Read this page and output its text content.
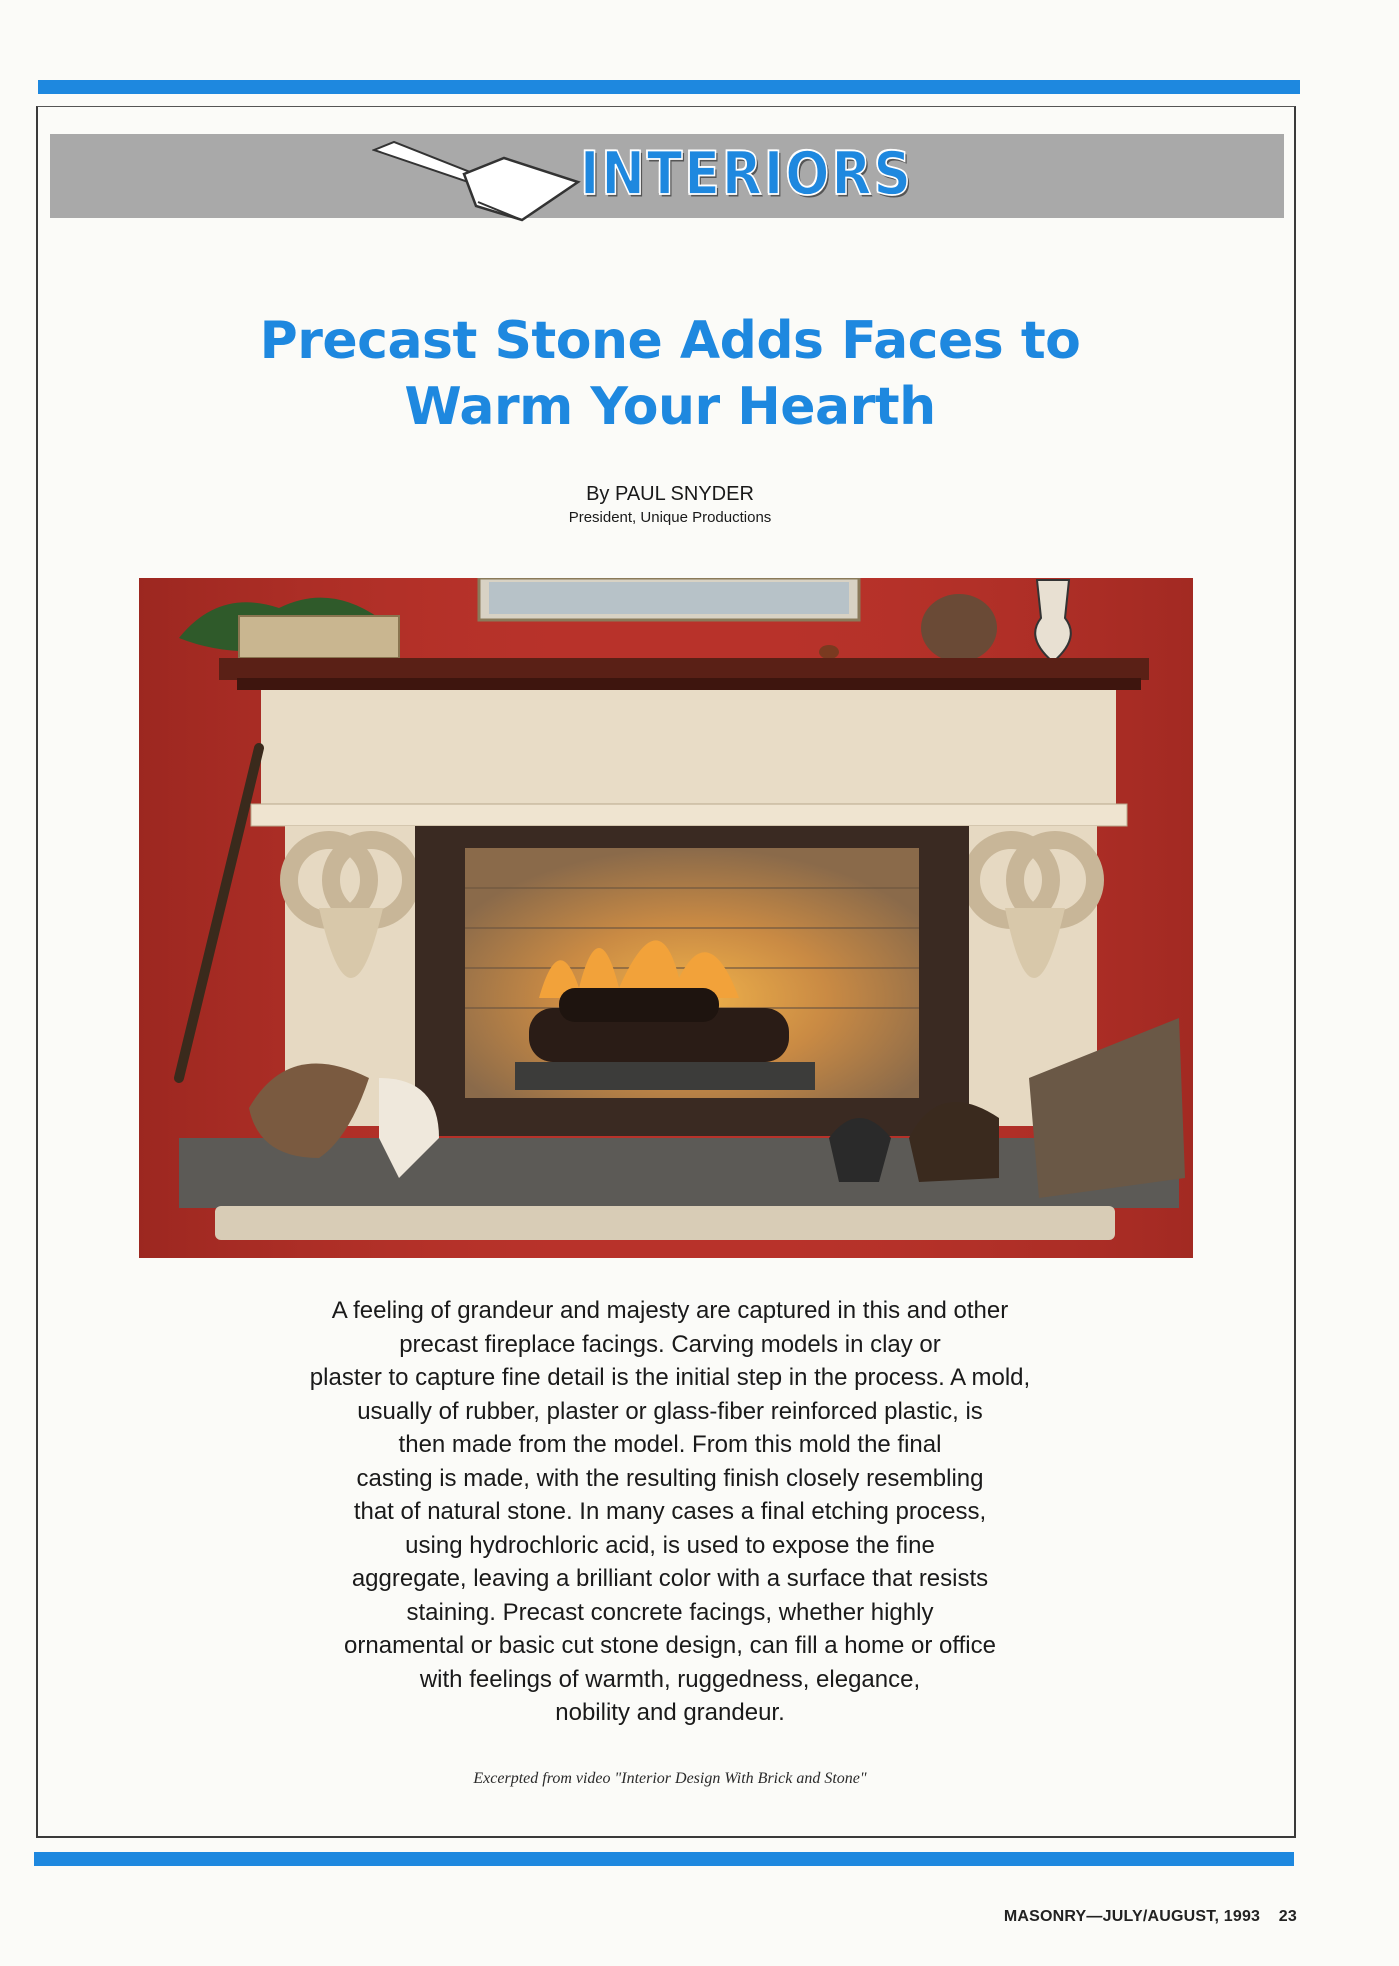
INTERIORS
Precast Stone Adds Faces to
Warm Your Hearth
By PAUL SNYDER
President, Unique Productions
A feeling of grandeur and majesty are captured in this and other
precast fireplace facings. Carving models in clay or
plaster to capture fine detail is the initial step in the process. A mold,
usually of rubber, plaster or glass-fiber reinforced plastic, is
then made from the model. From this mold the final
casting is made, with the resulting finish closely resembling
that of natural stone. In many cases a final etching process,
using hydrochloric acid, is used to expose the fine
aggregate, leaving a brilliant color with a surface that resists
staining. Precast concrete facings, whether highly
ornamental or basic cut stone design, can fill a home or office
with feelings of warmth, ruggedness, elegance,
nobility and grandeur.
Excerpted from video "Interior Design With Brick and Stone"
MASONRY—JULY/AUGUST, 1993 23
